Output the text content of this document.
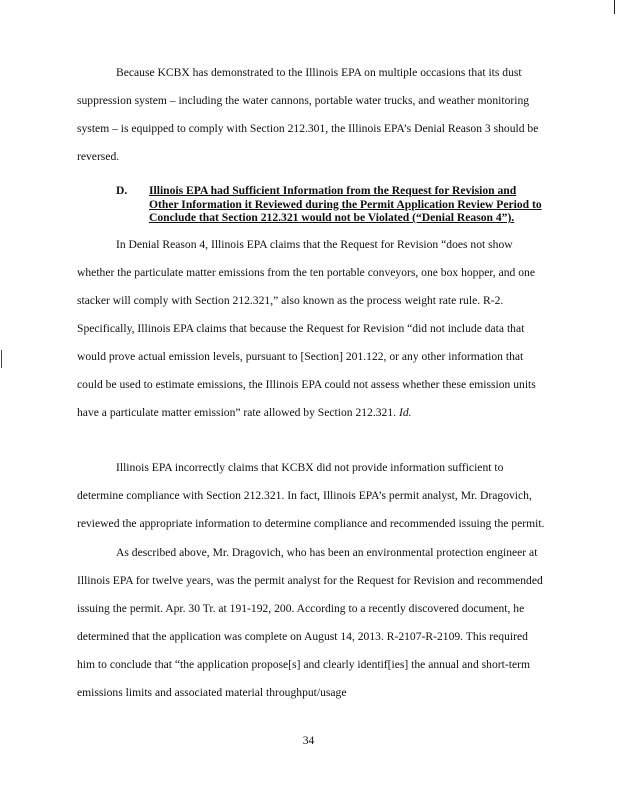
Because KCBX has demonstrated to the Illinois EPA on multiple occasions that its dust suppression system – including the water cannons, portable water trucks, and weather monitoring system – is equipped to comply with Section 212.301, the Illinois EPA’s Denial Reason 3 should be reversed.

D. Illinois EPA had Sufficient Information from the Request for Revision and Other Information it Reviewed during the Permit Application Review Period to Conclude that Section 212.321 would not be Violated (“Denial Reason 4”).

In Denial Reason 4, Illinois EPA claims that the Request for Revision “does not show whether the particulate matter emissions from the ten portable conveyors, one box hopper, and one stacker will comply with Section 212.321,” also known as the process weight rate rule. R-2. Specifically, Illinois EPA claims that because the Request for Revision “did not include data that would prove actual emission levels, pursuant to [Section] 201.122, or any other information that could be used to estimate emissions, the Illinois EPA could not assess whether these emission units have a particulate matter emission” rate allowed by Section 212.321. Id.

Illinois EPA incorrectly claims that KCBX did not provide information sufficient to determine compliance with Section 212.321. In fact, Illinois EPA’s permit analyst, Mr. Dragovich, reviewed the appropriate information to determine compliance and recommended issuing the permit.

As described above, Mr. Dragovich, who has been an environmental protection engineer at Illinois EPA for twelve years, was the permit analyst for the Request for Revision and recommended issuing the permit. Apr. 30 Tr. at 191-192, 200. According to a recently discovered document, he determined that the application was complete on August 14, 2013. R-2107-R-2109. This required him to conclude that “the application propose[s] and clearly identif[ies] the annual and short-term emissions limits and associated material throughput/usage

34
